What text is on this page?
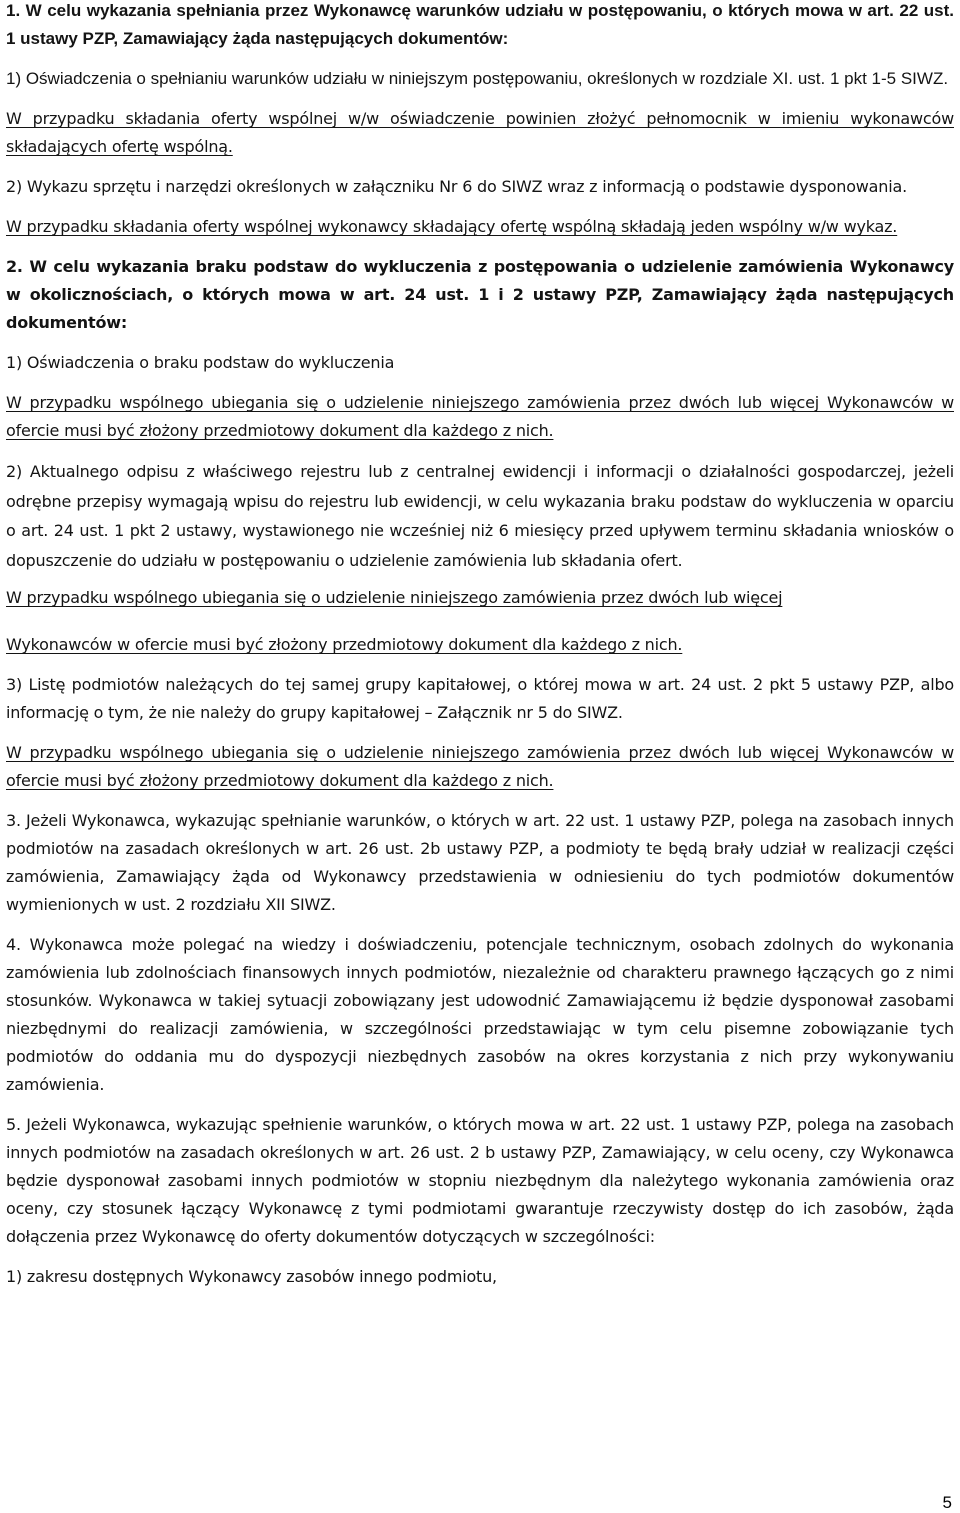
1. W celu wykazania spełniania przez Wykonawcę warunków udziału w postępowaniu, o których mowa w art. 22 ust. 1 ustawy PZP, Zamawiający żąda następujących dokumentów:

1) Oświadczenia o spełnianiu warunków udziału w niniejszym postępowaniu, określonych w rozdziale XI. ust. 1 pkt 1-5 SIWZ.

W przypadku składania oferty wspólnej w/w oświadczenie powinien złożyć pełnomocnik w imieniu wykonawców składających ofertę wspólną.

2) Wykazu sprzętu i narzędzi określonych w załączniku Nr 6 do SIWZ wraz z informacją o podstawie dysponowania.

W przypadku składania oferty wspólnej wykonawcy składający ofertę wspólną składają jeden wspólny w/w wykaz.

2. W celu wykazania braku podstaw do wykluczenia z postępowania o udzielenie zamówienia Wykonawcy w okolicznościach, o których mowa w art. 24 ust. 1 i 2 ustawy PZP, Zamawiający żąda następujących dokumentów:

1) Oświadczenia o braku podstaw do wykluczenia

W przypadku wspólnego ubiegania się o udzielenie niniejszego zamówienia przez dwóch lub więcej Wykonawców w ofercie musi być złożony przedmiotowy dokument dla każdego z nich.

2) Aktualnego odpisu z właściwego rejestru lub z centralnej ewidencji i informacji o działalności gospodarczej, jeżeli odrębne przepisy wymagają wpisu do rejestru lub ewidencji, w celu wykazania braku podstaw do wykluczenia w oparciu o art. 24 ust. 1 pkt 2 ustawy, wystawionego nie wcześniej niż 6 miesięcy przed upływem terminu składania wniosków o dopuszczenie do udziału w postępowaniu o udzielenie zamówienia lub składania ofert.

W przypadku wspólnego ubiegania się o udzielenie niniejszego zamówienia przez dwóch lub więcej

Wykonawców w ofercie musi być złożony przedmiotowy dokument dla każdego z nich.

3) Listę podmiotów należących do tej samej grupy kapitałowej, o której mowa w art. 24 ust. 2 pkt 5 ustawy PZP, albo informację o tym, że nie należy do grupy kapitałowej – Załącznik nr 5 do SIWZ.

W przypadku wspólnego ubiegania się o udzielenie niniejszego zamówienia przez dwóch lub więcej Wykonawców w ofercie musi być złożony przedmiotowy dokument dla każdego z nich.

3. Jeżeli Wykonawca, wykazując spełnianie warunków, o których w art. 22 ust. 1 ustawy PZP, polega na zasobach innych podmiotów na zasadach określonych w art. 26 ust. 2b ustawy PZP, a podmioty te będą brały udział w realizacji części zamówienia, Zamawiający żąda od Wykonawcy przedstawienia w odniesieniu do tych podmiotów dokumentów wymienionych w ust. 2 rozdziału XII SIWZ.

4. Wykonawca może polegać na wiedzy i doświadczeniu, potencjale technicznym, osobach zdolnych do wykonania zamówienia lub zdolnościach finansowych innych podmiotów, niezależnie od charakteru prawnego łączących go z nimi stosunków. Wykonawca w takiej sytuacji zobowiązany jest udowodnić Zamawiającemu iż będzie dysponował zasobami niezbędnymi do realizacji zamówienia, w szczególności przedstawiając w tym celu pisemne zobowiązanie tych podmiotów do oddania mu do dyspozycji niezbędnych zasobów na okres korzystania z nich przy wykonywaniu zamówienia.

5. Jeżeli Wykonawca, wykazując spełnienie warunków, o których mowa w art. 22 ust. 1 ustawy PZP, polega na zasobach innych podmiotów na zasadach określonych w art. 26 ust. 2 b ustawy PZP, Zamawiający, w celu oceny, czy Wykonawca będzie dysponował zasobami innych podmiotów w stopniu niezbędnym dla należytego wykonania zamówienia oraz oceny, czy stosunek łączący Wykonawcę z tymi podmiotami gwarantuje rzeczywisty dostęp do ich zasobów, żąda dołączenia przez Wykonawcę do oferty dokumentów dotyczących w szczególności:

1) zakresu dostępnych Wykonawcy zasobów innego podmiotu,

5
